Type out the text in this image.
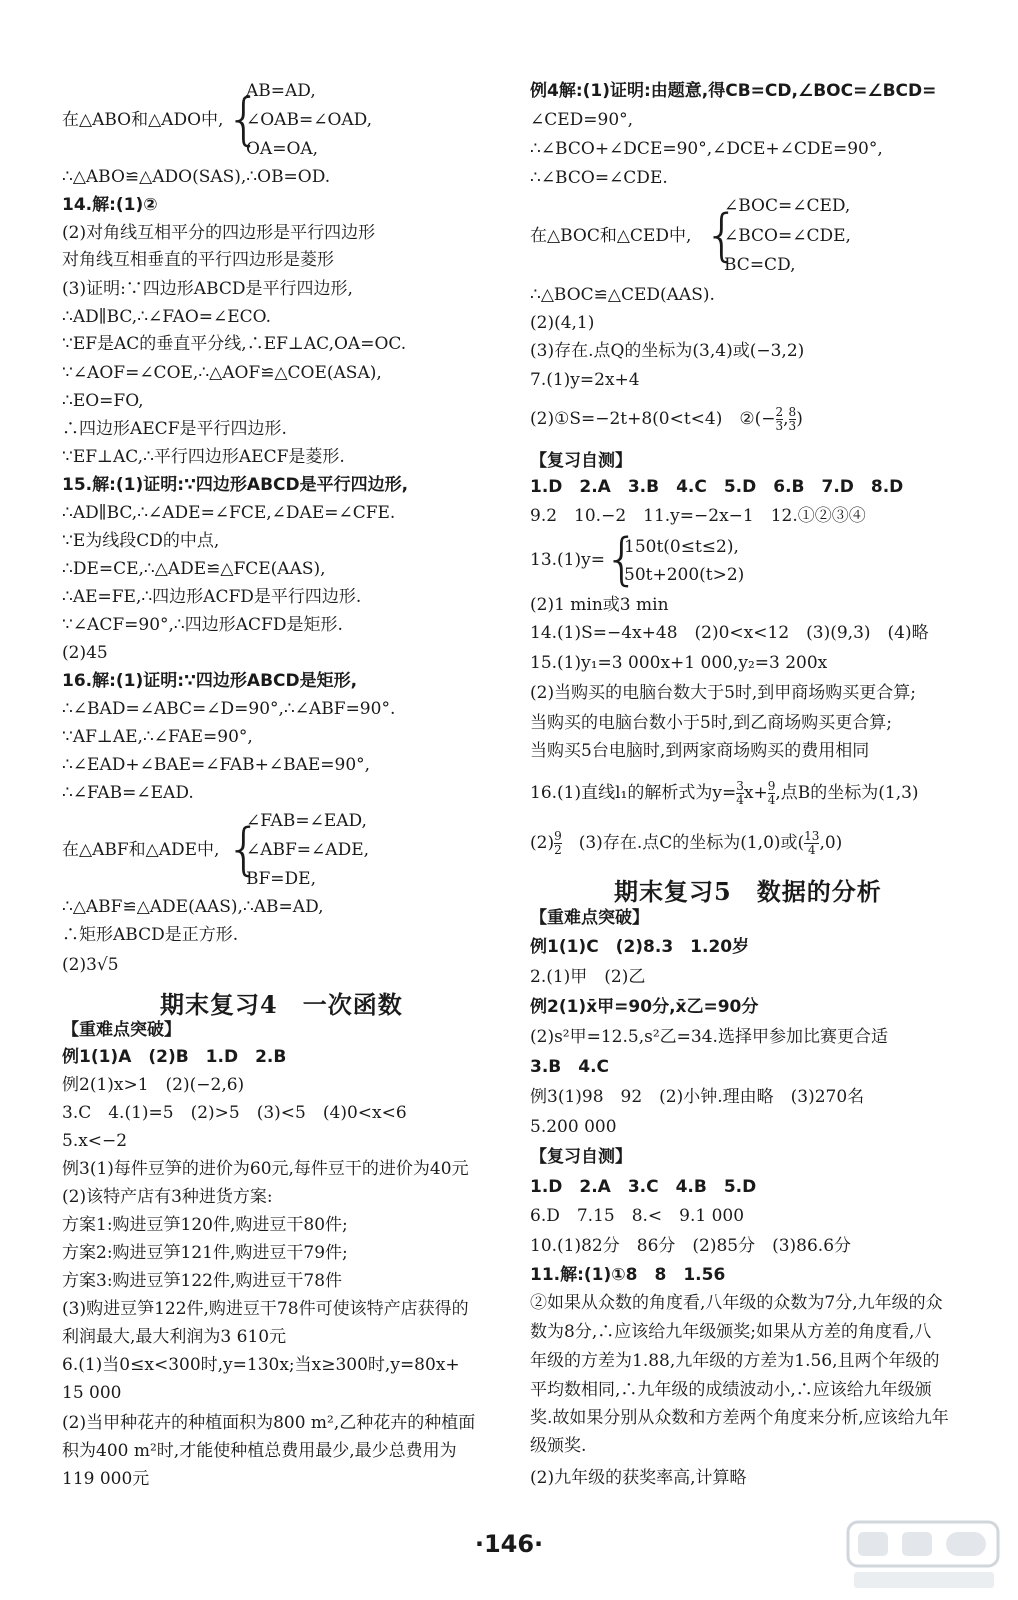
AB=AD,
在△ABO和△ADO中, {
∠OAB=∠OAD,
OA=OA,
∴△ABO≌△ADO(SAS),∴OB=OD.
14.解:(1)②
(2)对角线互相平分的四边形是平行四边形
对角线互相垂直的平行四边形是菱形
(3)证明:∵四边形ABCD是平行四边形,
∴AD∥BC,∴∠FAO=∠ECO.
∵EF是AC的垂直平分线,∴EF⊥AC,OA=OC.
∵∠AOF=∠COE,∴△AOF≌△COE(ASA),
∴EO=FO,
∴四边形AECF是平行四边形.
∵EF⊥AC,∴平行四边形AECF是菱形.
15.解:(1)证明:∵四边形ABCD是平行四边形,
∴AD∥BC,∴∠ADE=∠FCE,∠DAE=∠CFE.
∵E为线段CD的中点,
∴DE=CE,∴△ADE≌△FCE(AAS),
∴AE=FE,∴四边形ACFD是平行四边形.
∵∠ACF=90°,∴四边形ACFD是矩形.
(2)45
16.解:(1)证明:∵四边形ABCD是矩形,
∴∠BAD=∠ABC=∠D=90°,∴∠ABF=90°.
∵AF⊥AE,∴∠FAE=90°,
∴∠EAD+∠BAE=∠FAB+∠BAE=90°,
∴∠FAB=∠EAD.
∠FAB=∠EAD,
在△ABF和△ADE中, {
∠ABF=∠ADE,
BF=DE,
∴△ABF≌△ADE(AAS),∴AB=AD,
∴矩形ABCD是正方形.
(2)3√5
期末复习4　一次函数
【重难点突破】
例1(1)A　(2)B　1.D　2.B
例2(1)x>1　(2)(−2,6)
3.C　4.(1)=5　(2)>5　(3)<5　(4)0<x<6
5.x<−2
例3(1)每件豆笋的进价为60元,每件豆干的进价为40元
(2)该特产店有3种进货方案:
方案1:购进豆笋120件,购进豆干80件;
方案2:购进豆笋121件,购进豆干79件;
方案3:购进豆笋122件,购进豆干78件
(3)购进豆笋122件,购进豆干78件可使该特产店获得的
利润最大,最大利润为3 610元
6.(1)当0≤x<300时,y=130x;当x≥300时,y=80x+
15 000
(2)当甲种花卉的种植面积为800 m²,乙种花卉的种植面
积为400 m²时,才能使种植总费用最少,最少总费用为
119 000元
例4解:(1)证明:由题意,得CB=CD,∠BOC=∠BCD=
∠CED=90°,
∴∠BCO+∠DCE=90°,∠DCE+∠CDE=90°,
∴∠BCO=∠CDE.
∠BOC=∠CED,
在△BOC和△CED中, {
∠BCO=∠CDE,
BC=CD,
∴△BOC≌△CED(AAS).
(2)(4,1)
(3)存在.点Q的坐标为(3,4)或(−3,2)
7.(1)y=2x+4
(2)①S=−2t+8(0<t<4)　②(− $\frac{2}{3}$ , $\frac{8}{3}$ )
【复习自测】
1.D　2.A　3.B　4.C　5.D　6.B　7.D　8.D
9.2　10.−2　11.y=−2x−1　12.①②③④
13.(1)y= {
150t(0≤t≤2),
50t+200(t>2)
(2)1 min或3 min
14.(1)S=−4x+48　(2)0<x<12　(3)(9,3)　(4)略
15.(1)y₁=3 000x+1 000,y₂=3 200x
(2)当购买的电脑台数大于5时,到甲商场购买更合算;
当购买的电脑台数小于5时,到乙商场购买更合算;
当购买5台电脑时,到两家商场购买的费用相同
16.(1)直线l₁的解析式为$y= \frac{3}{4} x+ \frac{9}{4}$ ,点B的坐标为(1,3)
$(2) \frac{9}{2}$ 　(3)存在.点C的坐标为(1,0)或( $\frac{13}{4} ,0$)
期末复习5　数据的分析
【重难点突破】
例1(1)C　(2)8.3　1.20岁
2.(1)甲　(2)乙
例2(1)x̄甲=90分,x̄乙=90分
(2)s²甲=12.5,s²乙=34.选择甲参加比赛更合适
3.B　4.C
例3(1)98　92　(2)小钟.理由略　(3)270名
5.200 000
【复习自测】
1.D　2.A　3.C　4.B　5.D
6.D　7.15　8.<　9.1 000
10.(1)82分　86分　(2)85分　(3)86.6分
11.解:(1)①8　8　1.56
②如果从众数的角度看,八年级的众数为7分,九年级的众
数为8分,∴应该给九年级颁奖;如果从方差的角度看,八
年级的方差为1.88,九年级的方差为1.56,且两个年级的
平均数相同,∴九年级的成绩波动小,∴应该给九年级颁
奖.故如果分别从众数和方差两个角度来分析,应该给九年
级颁奖.
(2)九年级的获奖率高,计算略
·146·
